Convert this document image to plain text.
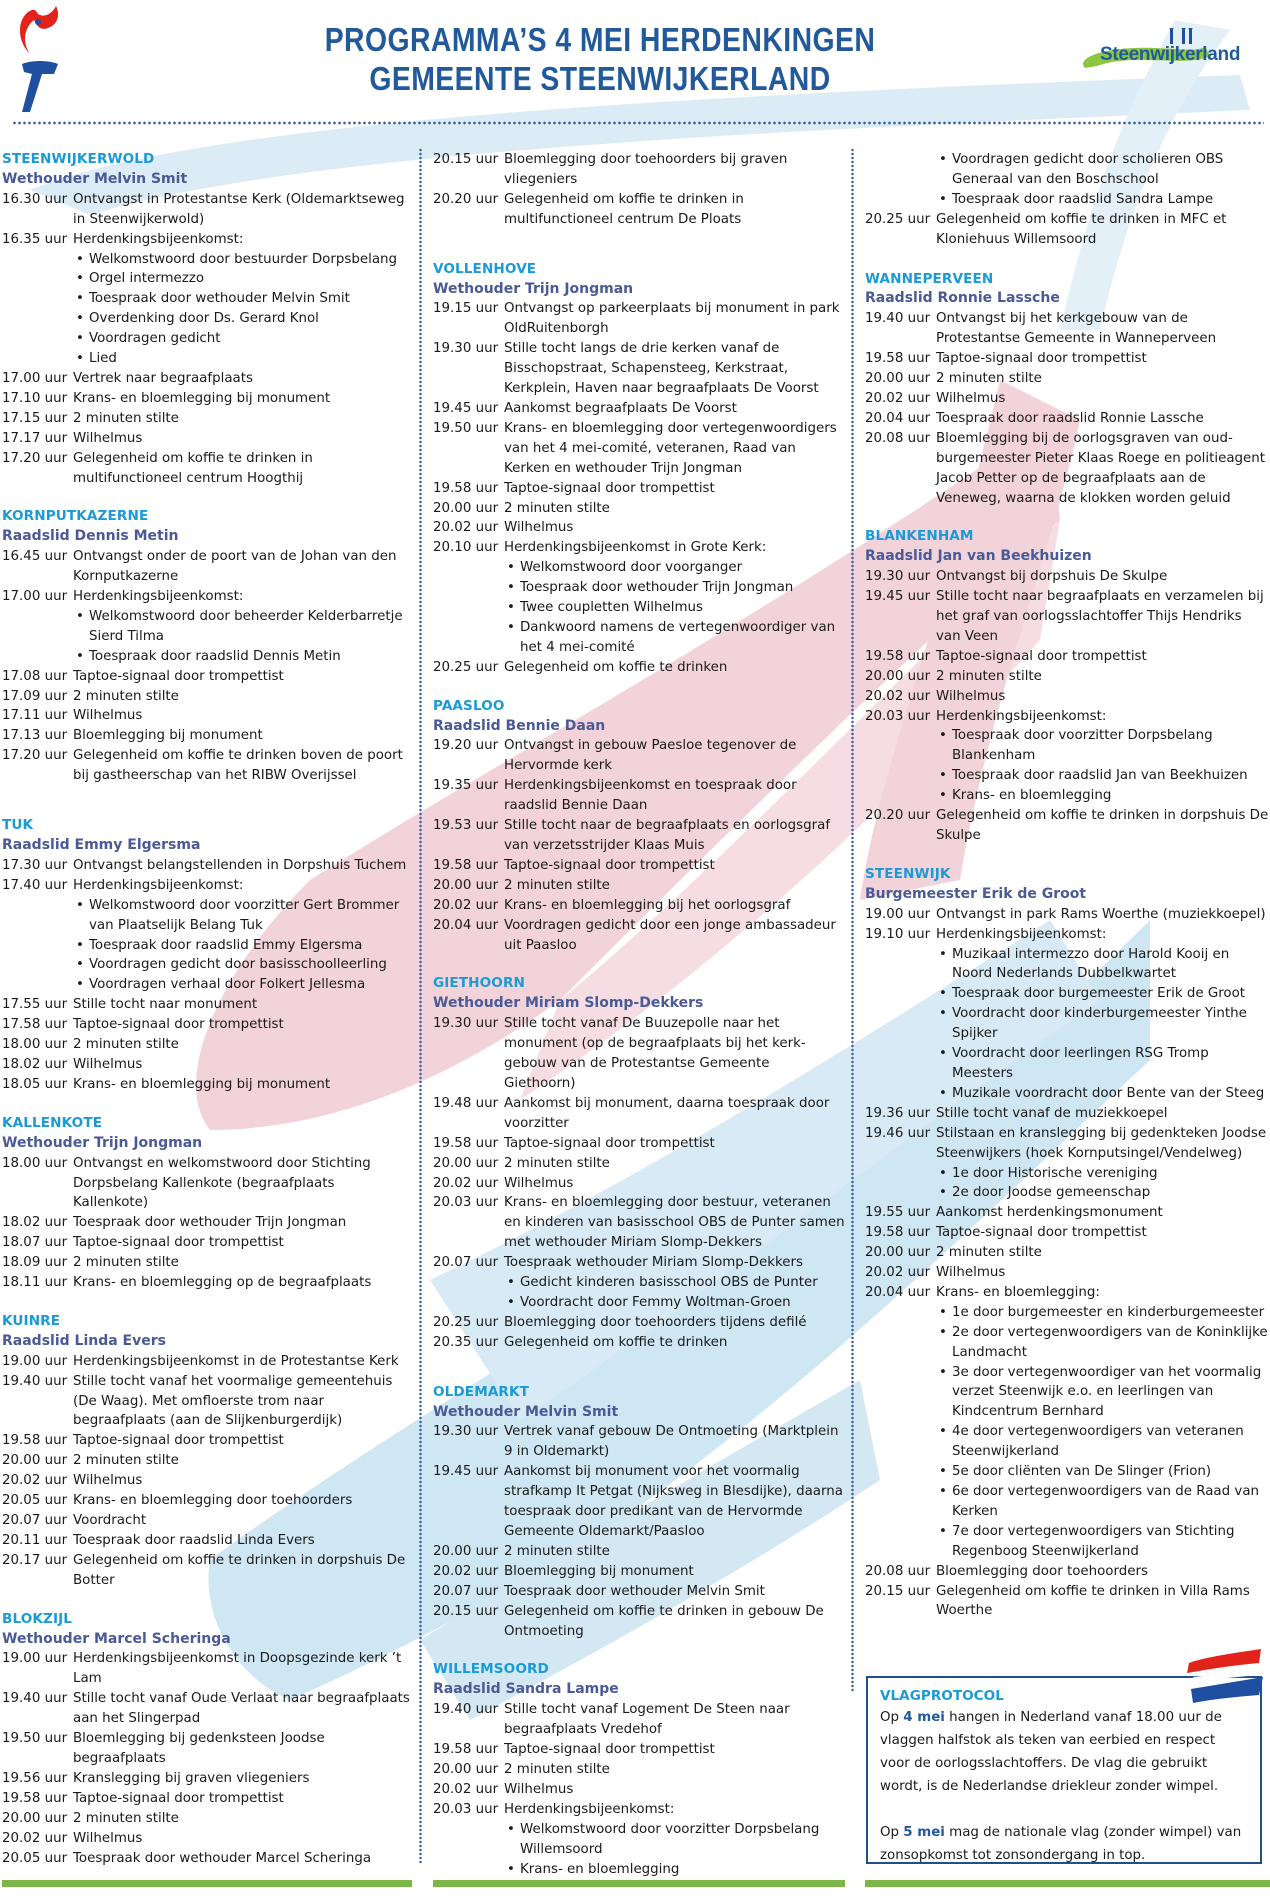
PROGRAMMA’S 4 MEI HERDENKINGEN
GEMEENTE STEENWIJKERLAND
Steenwijkerland
STEENWIJKERWOLD
Wethouder Melvin Smit
16.30 uur Ontvangst in Protestantse Kerk (Oldemarktseweg in Steenwijkerwold)
16.35 uur Herdenkingsbijeenkomst:
• Welkomstwoord door bestuurder Dorpsbelang
• Orgel intermezzo
• Toespraak door wethouder Melvin Smit
• Overdenking door Ds. Gerard Knol
• Voordragen gedicht
• Lied
17.00 uur Vertrek naar begraafplaats
17.10 uur Krans- en bloemlegging bij monument
17.15 uur 2 minuten stilte
17.17 uur Wilhelmus
17.20 uur Gelegenheid om koffie te drinken in multifunctioneel centrum Hoogthij
KORNPUTKAZERNE
Raadslid Dennis Metin
16.45 uur Ontvangst onder de poort van de Johan van den Kornputkazerne
17.00 uur Herdenkingsbijeenkomst:
• Welkomstwoord door beheerder Kelderbarretje Sierd Tilma
• Toespraak door raadslid Dennis Metin
17.08 uur Taptoe-signaal door trompettist
17.09 uur 2 minuten stilte
17.11 uur Wilhelmus
17.13 uur Bloemlegging bij monument
17.20 uur Gelegenheid om koffie te drinken boven de poort bij gastheerschap van het RIBW Overijssel
TUK
Raadslid Emmy Elgersma
17.30 uur Ontvangst belangstellenden in Dorpshuis Tuchem
17.40 uur Herdenkingsbijeenkomst:
• Welkomstwoord door voorzitter Gert Brommer van Plaatselijk Belang Tuk
• Toespraak door raadslid Emmy Elgersma
• Voordragen gedicht door basisschoolleerling
• Voordragen verhaal door Folkert Jellesma
17.55 uur Stille tocht naar monument
17.58 uur Taptoe-signaal door trompettist
18.00 uur 2 minuten stilte
18.02 uur Wilhelmus
18.05 uur Krans- en bloemlegging bij monument
KALLENKOTE
Wethouder Trijn Jongman
18.00 uur Ontvangst en welkomstwoord door Stichting Dorpsbelang Kallenkote (begraafplaats Kallenkote)
18.02 uur Toespraak door wethouder Trijn Jongman
18.07 uur Taptoe-signaal door trompettist
18.09 uur 2 minuten stilte
18.11 uur Krans- en bloemlegging op de begraafplaats
KUINRE
Raadslid Linda Evers
19.00 uur Herdenkingsbijeenkomst in de Protestantse Kerk
19.40 uur Stille tocht vanaf het voormalige gemeentehuis (De Waag). Met omfloerste trom naar begraafplaats (aan de Slijkenburgerdijk)
19.58 uur Taptoe-signaal door trompettist
20.00 uur 2 minuten stilte
20.02 uur Wilhelmus
20.05 uur Krans- en bloemlegging door toehoorders
20.07 uur Voordracht
20.11 uur Toespraak door raadslid Linda Evers
20.17 uur Gelegenheid om koffie te drinken in dorpshuis De Botter
BLOKZIJL
Wethouder Marcel Scheringa
19.00 uur Herdenkingsbijeenkomst in Doopsgezinde kerk ’t Lam
19.40 uur Stille tocht vanaf Oude Verlaat naar begraafplaats aan het Slingerpad
19.50 uur Bloemlegging bij gedenksteen Joodse begraafplaats
19.56 uur Kranslegging bij graven vliegeniers
19.58 uur Taptoe-signaal door trompettist
20.00 uur 2 minuten stilte
20.02 uur Wilhelmus
20.05 uur Toespraak door wethouder Marcel Scheringa
20.15 uur Bloemlegging door toehoorders bij graven vliegeniers
20.20 uur Gelegenheid om koffie te drinken in multifunctioneel centrum De Ploats
VOLLENHOVE
Wethouder Trijn Jongman
19.15 uur Ontvangst op parkeerplaats bij monument in park OldRuitenborgh
19.30 uur Stille tocht langs de drie kerken vanaf de Bisschopstraat, Schapensteeg, Kerkstraat, Kerkplein, Haven naar begraafplaats De Voorst
19.45 uur Aankomst begraafplaats De Voorst
19.50 uur Krans- en bloemlegging door vertegenwoordigers van het 4 mei-comité, veteranen, Raad van Kerken en wethouder Trijn Jongman
19.58 uur Taptoe-signaal door trompettist
20.00 uur 2 minuten stilte
20.02 uur Wilhelmus
20.10 uur Herdenkingsbijeenkomst in Grote Kerk:
• Welkomstwoord door voorganger
• Toespraak door wethouder Trijn Jongman
• Twee coupletten Wilhelmus
• Dankwoord namens de vertegenwoordiger van het 4 mei-comité
20.25 uur Gelegenheid om koffie te drinken
PAASLOO
Raadslid Bennie Daan
19.20 uur Ontvangst in gebouw Paesloe tegenover de Hervormde kerk
19.35 uur Herdenkingsbijeenkomst en toespraak door raadslid Bennie Daan
19.53 uur Stille tocht naar de begraafplaats en oorlogsgraf van verzetsstrijder Klaas Muis
19.58 uur Taptoe-signaal door trompettist
20.00 uur 2 minuten stilte
20.02 uur Krans- en bloemlegging bij het oorlogsgraf
20.04 uur Voordragen gedicht door een jonge ambassadeur uit Paasloo
GIETHOORN
Wethouder Miriam Slomp-Dekkers
19.30 uur Stille tocht vanaf De Buuzepolle naar het monument (op de begraafplaats bij het kerk-gebouw van de Protestantse Gemeente Giethoorn)
19.48 uur Aankomst bij monument, daarna toespraak door voorzitter
19.58 uur Taptoe-signaal door trompettist
20.00 uur 2 minuten stilte
20.02 uur Wilhelmus
20.03 uur Krans- en bloemlegging door bestuur, veteranen en kinderen van basisschool OBS de Punter samen met wethouder Miriam Slomp-Dekkers
20.07 uur Toespraak wethouder Miriam Slomp-Dekkers
• Gedicht kinderen basisschool OBS de Punter
• Voordracht door Femmy Woltman-Groen
20.25 uur Bloemlegging door toehoorders tijdens defilé
20.35 uur Gelegenheid om koffie te drinken
OLDEMARKT
Wethouder Melvin Smit
19.30 uur Vertrek vanaf gebouw De Ontmoeting (Marktplein 9 in Oldemarkt)
19.45 uur Aankomst bij monument voor het voormalig strafkamp It Petgat (Nijksweg in Blesdijke), daarna toespraak door predikant van de Hervormde Gemeente Oldemarkt/Paasloo
20.00 uur 2 minuten stilte
20.02 uur Bloemlegging bij monument
20.07 uur Toespraak door wethouder Melvin Smit
20.15 uur Gelegenheid om koffie te drinken in gebouw De Ontmoeting
WILLEMSOORD
Raadslid Sandra Lampe
19.40 uur Stille tocht vanaf Logement De Steen naar begraafplaats Vredehof
19.58 uur Taptoe-signaal door trompettist
20.00 uur 2 minuten stilte
20.02 uur Wilhelmus
20.03 uur Herdenkingsbijeenkomst:
• Welkomstwoord door voorzitter Dorpsbelang Willemsoord
• Krans- en bloemlegging
• Voordragen gedicht door scholieren OBS Generaal van den Boschschool
• Toespraak door raadslid Sandra Lampe
20.25 uur Gelegenheid om koffie te drinken in MFC et Kloniehuus Willemsoord
WANNEPERVEEN
Raadslid Ronnie Lassche
19.40 uur Ontvangst bij het kerkgebouw van de Protestantse Gemeente in Wanneperveen
19.58 uur Taptoe-signaal door trompettist
20.00 uur 2 minuten stilte
20.02 uur Wilhelmus
20.04 uur Toespraak door raadslid Ronnie Lassche
20.08 uur Bloemlegging bij de oorlogsgraven van oud-burgemeester Pieter Klaas Roege en politieagent Jacob Petter op de begraafplaats aan de Veneweg, waarna de klokken worden geluid
BLANKENHAM
Raadslid Jan van Beekhuizen
19.30 uur Ontvangst bij dorpshuis De Skulpe
19.45 uur Stille tocht naar begraafplaats en verzamelen bij het graf van oorlogsslachtoffer Thijs Hendriks van Veen
19.58 uur Taptoe-signaal door trompettist
20.00 uur 2 minuten stilte
20.02 uur Wilhelmus
20.03 uur Herdenkingsbijeenkomst:
• Toespraak door voorzitter Dorpsbelang Blankenham
• Toespraak door raadslid Jan van Beekhuizen
• Krans- en bloemlegging
20.20 uur Gelegenheid om koffie te drinken in dorpshuis De Skulpe
STEENWIJK
Burgemeester Erik de Groot
19.00 uur Ontvangst in park Rams Woerthe (muziekkoepel)
19.10 uur Herdenkingsbijeenkomst:
• Muzikaal intermezzo door Harold Kooij en Noord Nederlands Dubbelkwartet
• Toespraak door burgemeester Erik de Groot
• Voordracht door kinderburgemeester Yinthe Spijker
• Voordracht door leerlingen RSG Tromp Meesters
• Muzikale voordracht door Bente van der Steeg
19.36 uur Stille tocht vanaf de muziekkoepel
19.46 uur Stilstaan en kranslegging bij gedenkteken Joodse Steenwijkers (hoek Kornputsingel/Vendelweg)
• 1e door Historische vereniging
• 2e door Joodse gemeenschap
19.55 uur Aankomst herdenkingsmonument
19.58 uur Taptoe-signaal door trompettist
20.00 uur 2 minuten stilte
20.02 uur Wilhelmus
20.04 uur Krans- en bloemlegging:
• 1e door burgemeester en kinderburgemeester
• 2e door vertegenwoordigers van de Koninklijke Landmacht
• 3e door vertegenwoordiger van het voormalig verzet Steenwijk e.o. en leerlingen van Kindcentrum Bernhard
• 4e door vertegenwoordigers van veteranen Steenwijkerland
• 5e door cliënten van De Slinger (Frion)
• 6e door vertegenwoordigers van de Raad van Kerken
• 7e door vertegenwoordigers van Stichting Regenboog Steenwijkerland
20.08 uur Bloemlegging door toehoorders
20.15 uur Gelegenheid om koffie te drinken in Villa Rams Woerthe
VLAGPROTOCOL

Op 4 mei hangen in Nederland vanaf 18.00 uur de vlaggen halfstok als teken van eerbied en respect voor de oorlogsslachtoffers. De vlag die gebruikt wordt, is de Nederlandse driekleur zonder wimpel.

Op 5 mei mag de nationale vlag (zonder wimpel) van zonsopkomst tot zonsondergang in top.
